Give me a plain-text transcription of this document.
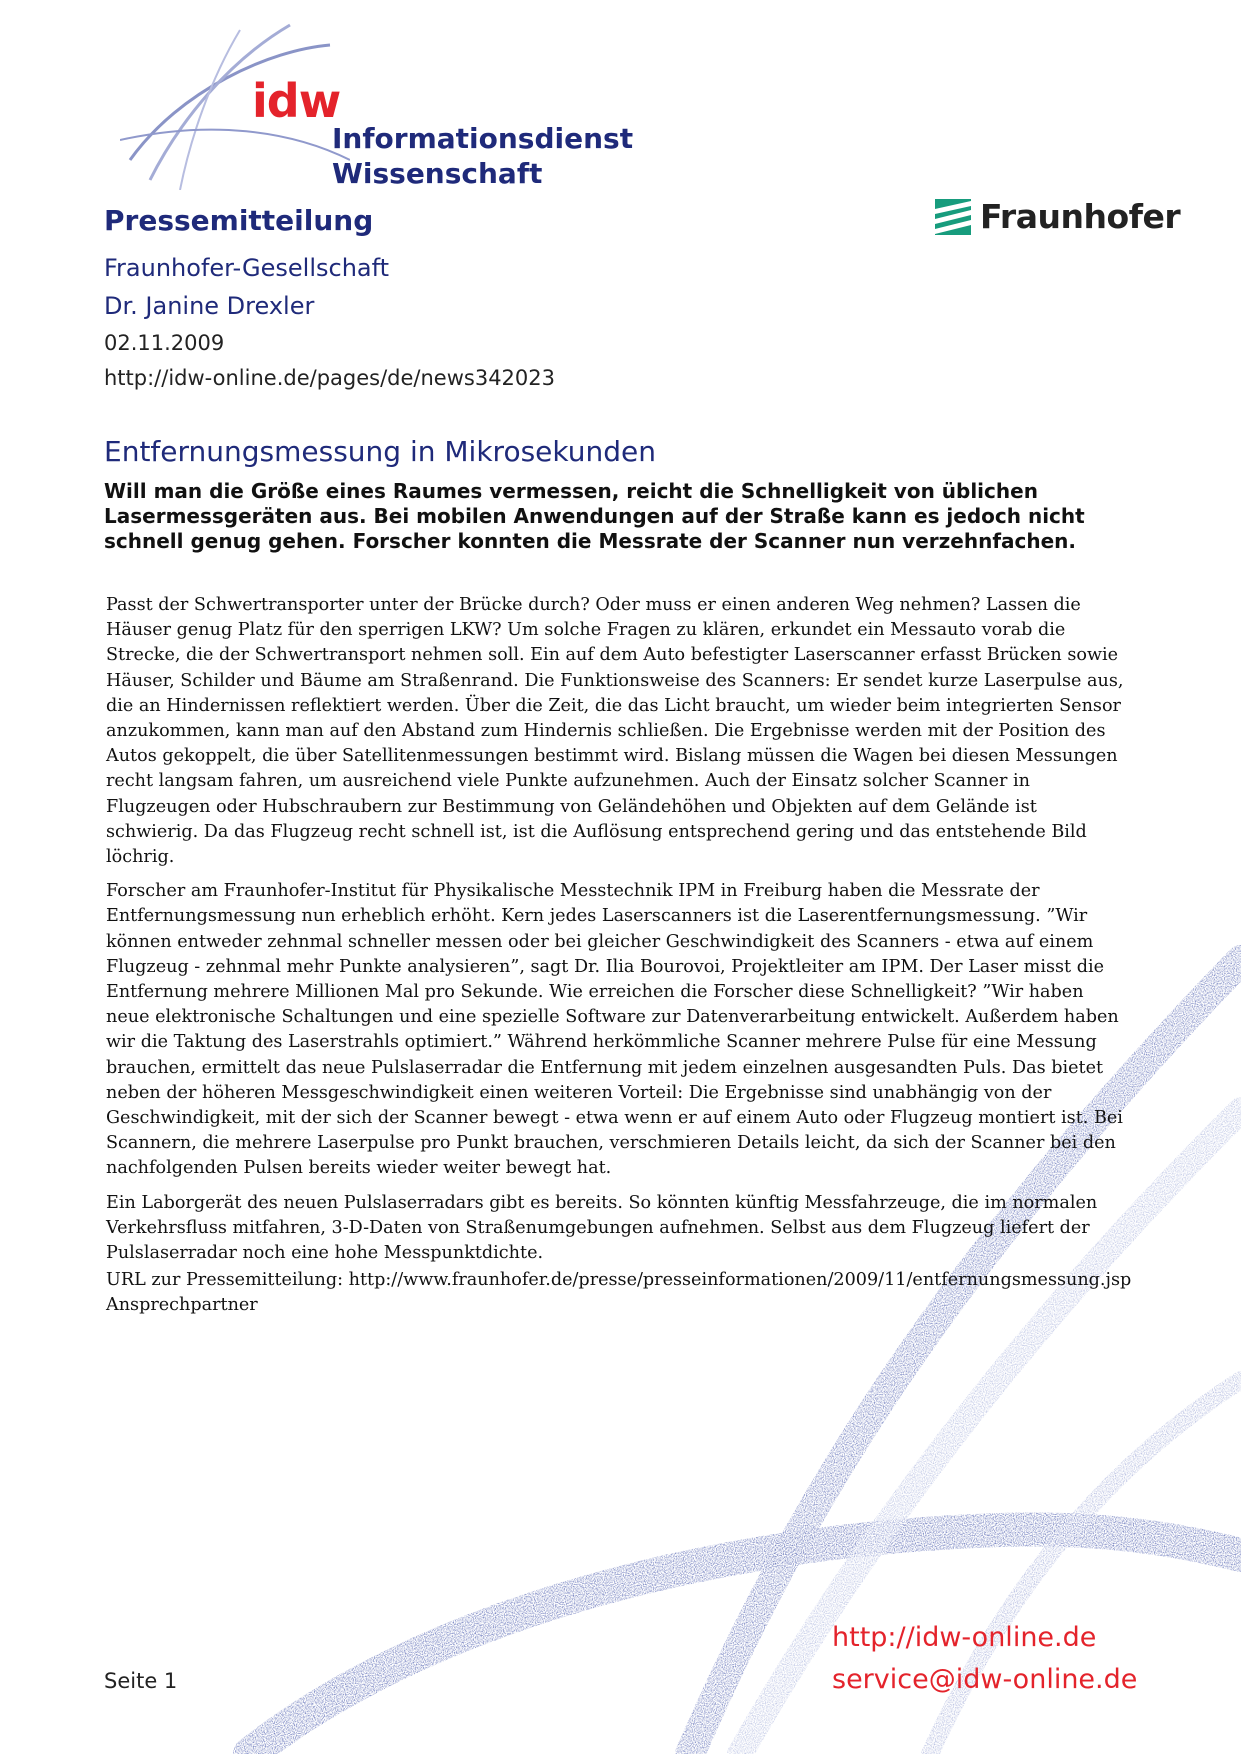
idw
Informationsdienst
Wissenschaft
Fraunhofer
Pressemitteilung
Fraunhofer-Gesellschaft
Dr. Janine Drexler
02.11.2009
http://idw-online.de/pages/de/news342023
Entfernungsmessung in Mikrosekunden
Will man die Größe eines Raumes vermessen, reicht die Schnelligkeit von üblichen Lasermessgeräten aus. Bei mobilen Anwendungen auf der Straße kann es jedoch nicht schnell genug gehen. Forscher konnten die Messrate der Scanner nun verzehnfachen.

Passt der Schwertransporter unter der Brücke durch? Oder muss er einen anderen Weg nehmen? Lassen die Häuser genug Platz für den sperrigen LKW? Um solche Fragen zu klären, erkundet ein Messauto vorab die Strecke, die der Schwertransport nehmen soll. Ein auf dem Auto befestigter Laserscanner erfasst Brücken sowie Häuser, Schilder und Bäume am Straßenrand. Die Funktionsweise des Scanners: Er sendet kurze Laserpulse aus, die an Hindernissen reflektiert werden. Über die Zeit, die das Licht braucht, um wieder beim integrierten Sensor anzukommen, kann man auf den Abstand zum Hindernis schließen. Die Ergebnisse werden mit der Position des Autos gekoppelt, die über Satellitenmessungen bestimmt wird. Bislang müssen die Wagen bei diesen Messungen recht langsam fahren, um ausreichend viele Punkte aufzunehmen. Auch der Einsatz solcher Scanner in Flugzeugen oder Hubschraubern zur Bestimmung von Geländehöhen und Objekten auf dem Gelände ist schwierig. Da das Flugzeug recht schnell ist, ist die Auflösung entsprechend gering und das entstehende Bild löchrig.

Forscher am Fraunhofer-Institut für Physikalische Messtechnik IPM in Freiburg haben die Messrate der Entfernungsmessung nun erheblich erhöht. Kern jedes Laserscanners ist die Laserentfernungsmessung. ”Wir können entweder zehnmal schneller messen oder bei gleicher Geschwindigkeit des Scanners - etwa auf einem Flugzeug - zehnmal mehr Punkte analysieren”, sagt Dr. Ilia Bourovoi, Projektleiter am IPM. Der Laser misst die Entfernung mehrere Millionen Mal pro Sekunde. Wie erreichen die Forscher diese Schnelligkeit? ”Wir haben neue elektronische Schaltungen und eine spezielle Software zur Datenverarbeitung entwickelt. Außerdem haben wir die Taktung des Laserstrahls optimiert.” Während herkömmliche Scanner mehrere Pulse für eine Messung brauchen, ermittelt das neue Pulslaserradar die Entfernung mit jedem einzelnen ausgesandten Puls. Das bietet neben der höheren Messgeschwindigkeit einen weiteren Vorteil: Die Ergebnisse sind unabhängig von der Geschwindigkeit, mit der sich der Scanner bewegt - etwa wenn er auf einem Auto oder Flugzeug montiert ist. Bei Scannern, die mehrere Laserpulse pro Punkt brauchen, verschmieren Details leicht, da sich der Scanner bei den nachfolgenden Pulsen bereits wieder weiter bewegt hat.

Ein Laborgerät des neuen Pulslaserradars gibt es bereits. So könnten künftig Messfahrzeuge, die im normalen Verkehrsfluss mitfahren, 3-D-Daten von Straßenumgebungen aufnehmen. Selbst aus dem Flugzeug liefert der Pulslaserradar noch eine hohe Messpunktdichte.

URL zur Pressemitteilung: http://www.fraunhofer.de/presse/presseinformationen/2009/11/entfernungsmessung.jsp
Ansprechpartner
Seite 1
http://idw-online.de
service@idw-online.de
